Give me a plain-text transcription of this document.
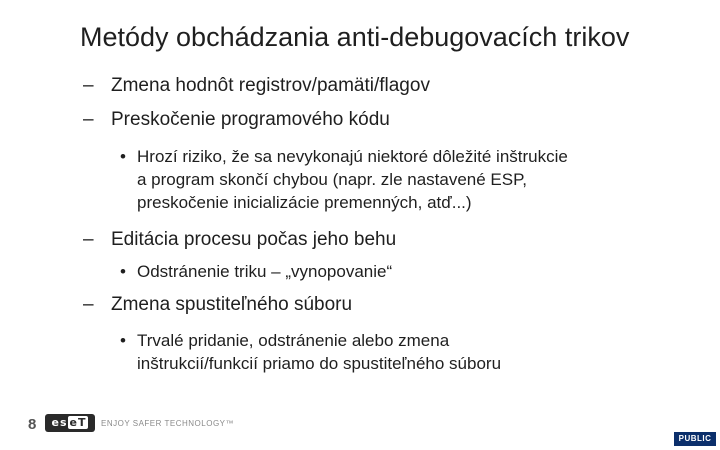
Metódy obchádzania anti-debugovacích trikov
– Zmena hodnôt registrov/pamäti/flagov
– Preskočenie programového kódu
• Hrozí riziko, že sa nevykonajú niektoré dôležité inštrukcie
a program skončí chybou (napr. zle nastavené ESP,
preskočenie inicializácie premenných, atď...)
– Editácia procesu počas jeho behu
• Odstránenie triku – „vynopovanie“
– Zmena spustiteľného súboru
• Trvalé pridanie, odstránenie alebo zmena
inštrukcií/funkcií priamo do spustiteľného súboru
8	es eT	ENJOY SAFER TECHNOLOGY™
PUBLIC
